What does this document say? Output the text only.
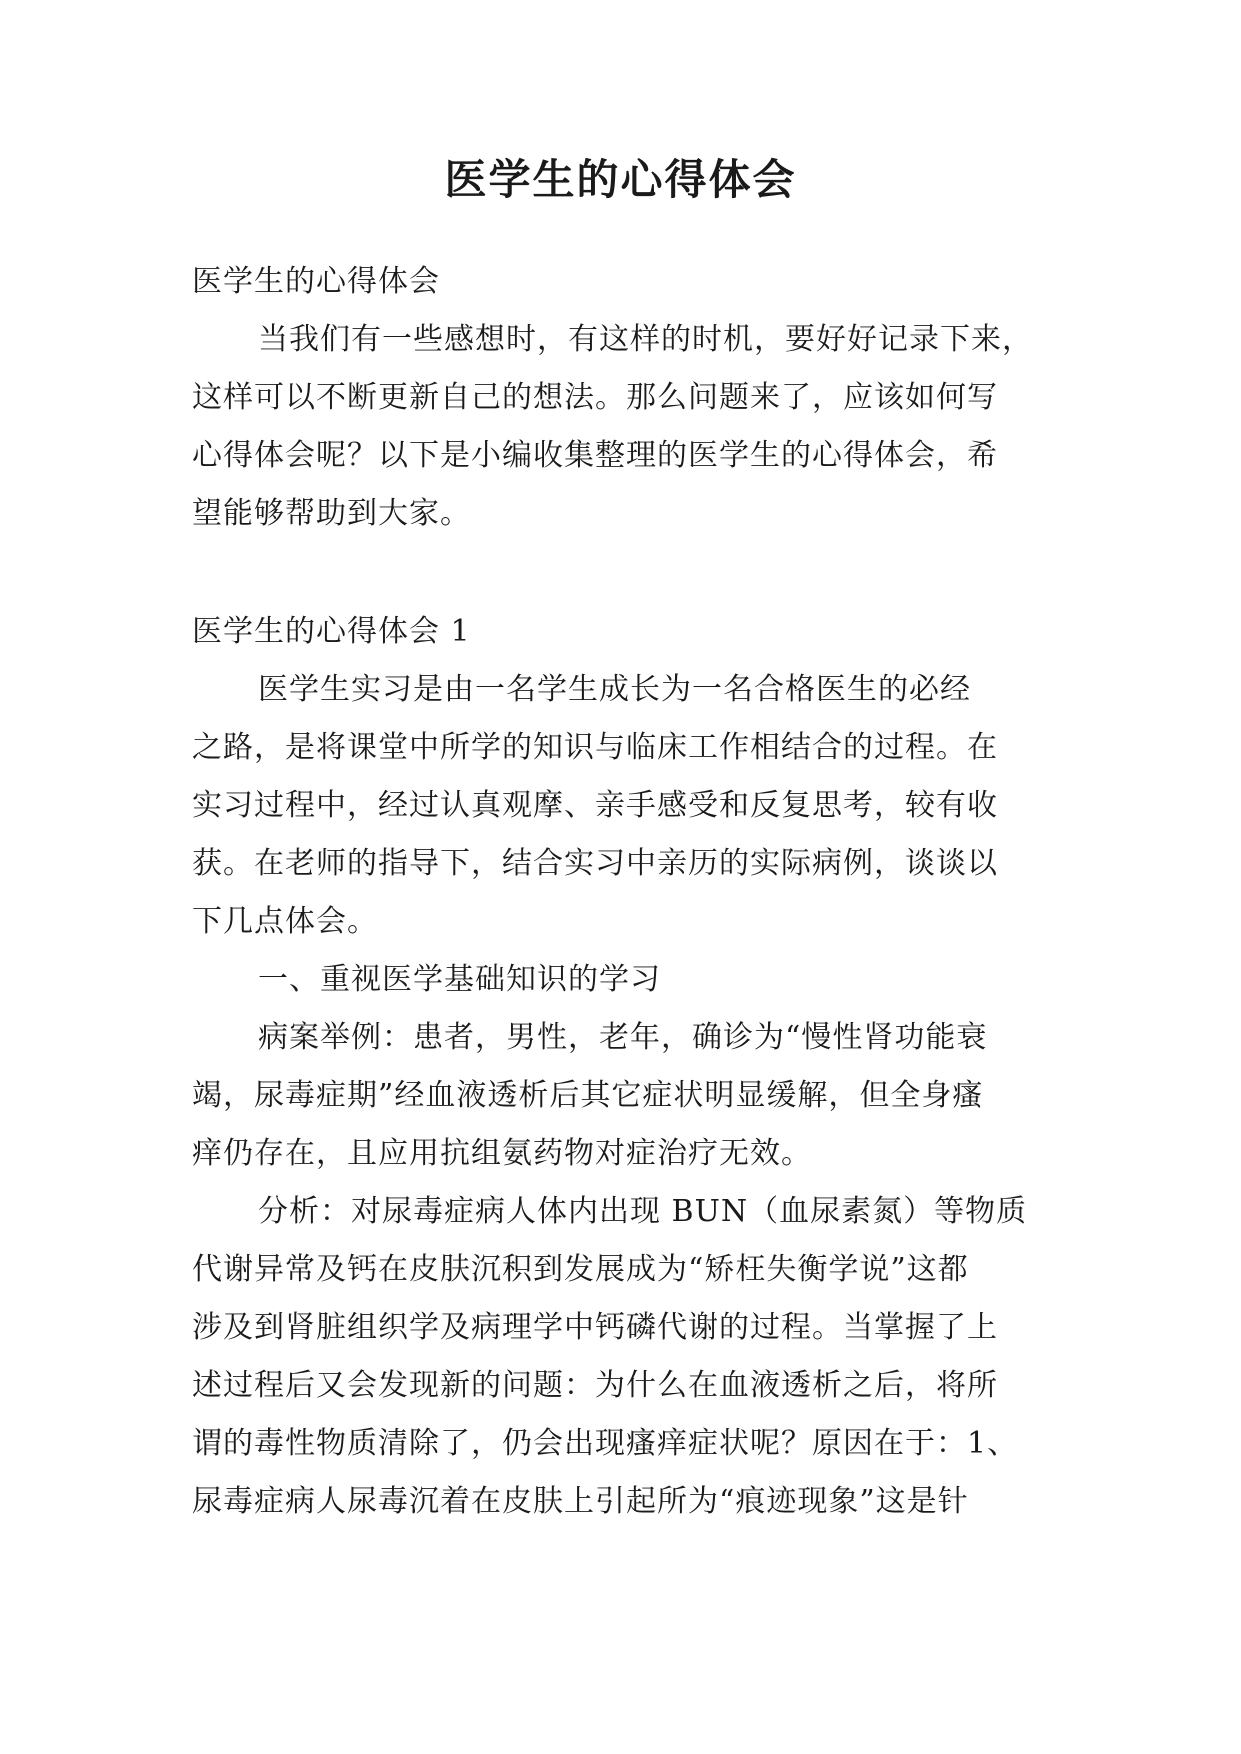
医学生的心得体会
医学生的心得体会
当我们有一些感想时，有这样的时机，要好好记录下来，
这样可以不断更新自己的想法。那么问题来了，应该如何写
心得体会呢？以下是小编收集整理的医学生的心得体会，希
望能够帮助到大家。
医学生的心得体会 1
医学生实习是由一名学生成长为一名合格医生的必经
之路，是将课堂中所学的知识与临床工作相结合的过程。在
实习过程中，经过认真观摩、亲手感受和反复思考，较有收
获。在老师的指导下，结合实习中亲历的实际病例，谈谈以
下几点体会。
一、重视医学基础知识的学习
病案举例：患者，男性，老年，确诊为“慢性肾功能衰
竭，尿毒症期”经血液透析后其它症状明显缓解，但全身瘙
痒仍存在，且应用抗组氨药物对症治疗无效。
分析：对尿毒症病人体内出现 BUN（血尿素氮）等物质
代谢异常及钙在皮肤沉积到发展成为“矫枉失衡学说”这都
涉及到肾脏组织学及病理学中钙磷代谢的过程。当掌握了上
述过程后又会发现新的问题：为什么在血液透析之后，将所
谓的毒性物质清除了，仍会出现瘙痒症状呢？原因在于：1、
尿毒症病人尿毒沉着在皮肤上引起所为“痕迹现象”这是针
